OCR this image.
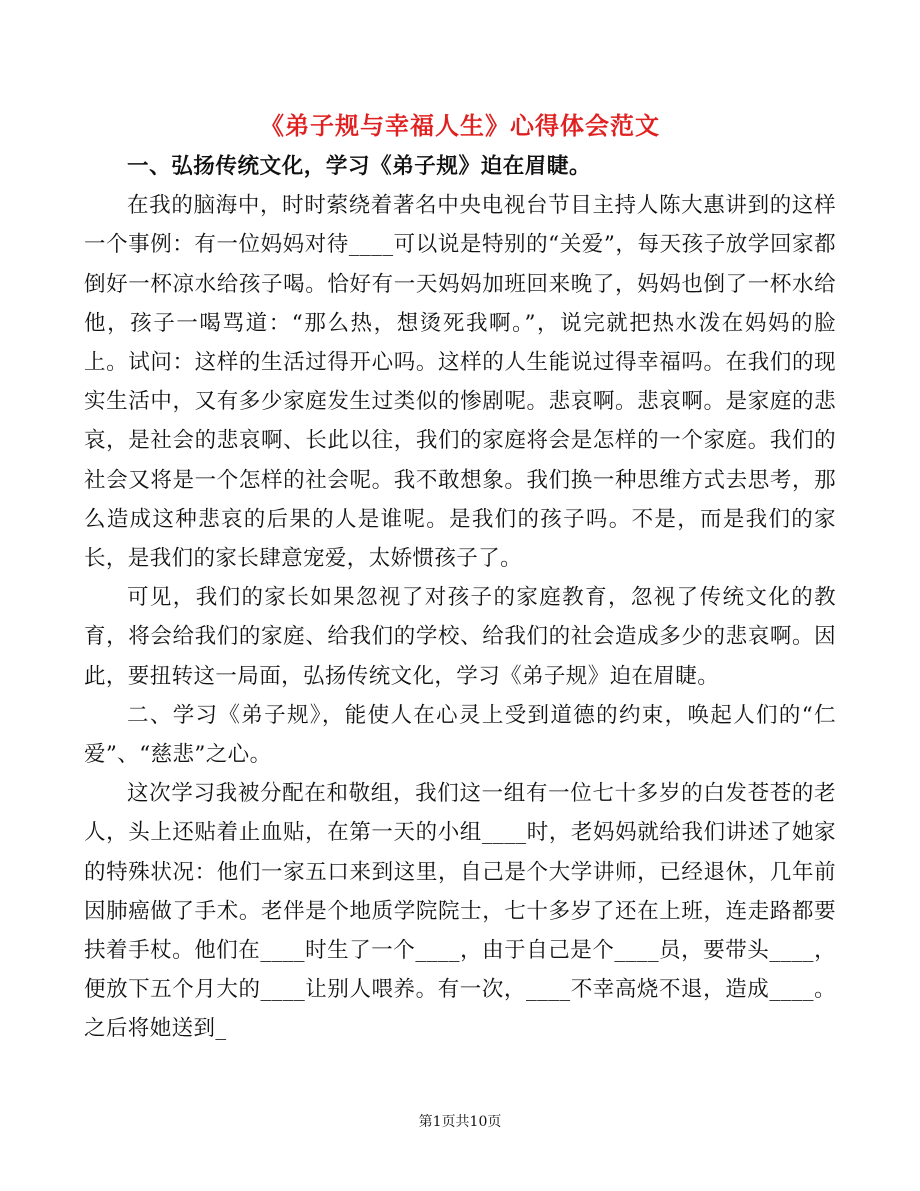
《弟子规与幸福人生》心得体会范文

一、弘扬传统文化，学习《弟子规》迫在眉睫。

在我的脑海中，时时萦绕着著名中央电视台节目主持人陈大惠讲到的这样一个事例：有一位妈妈对待____可以说是特别的“关爱”，每天孩子放学回家都倒好一杯凉水给孩子喝。恰好有一天妈妈加班回来晚了，妈妈也倒了一杯水给他，孩子一喝骂道：“那么热，想烫死我啊。”，说完就把热水泼在妈妈的脸上。试问：这样的生活过得开心吗。这样的人生能说过得幸福吗。在我们的现实生活中，又有多少家庭发生过类似的惨剧呢。悲哀啊。悲哀啊。是家庭的悲哀，是社会的悲哀啊、长此以往，我们的家庭将会是怎样的一个家庭。我们的社会又将是一个怎样的社会呢。我不敢想象。我们换一种思维方式去思考，那么造成这种悲哀的后果的人是谁呢。是我们的孩子吗。不是，而是我们的家长，是我们的家长肆意宠爱，太娇惯孩子了。

可见，我们的家长如果忽视了对孩子的家庭教育，忽视了传统文化的教育，将会给我们的家庭、给我们的学校、给我们的社会造成多少的悲哀啊。因此，要扭转这一局面，弘扬传统文化，学习《弟子规》迫在眉睫。

二、学习《弟子规》，能使人在心灵上受到道德的约束，唤起人们的“仁爱”、“慈悲”之心。

这次学习我被分配在和敬组，我们这一组有一位七十多岁的白发苍苍的老人，头上还贴着止血贴，在第一天的小组____时，老妈妈就给我们讲述了她家的特殊状况：他们一家五口来到这里，自己是个大学讲师，已经退休，几年前因肺癌做了手术。老伴是个地质学院院士，七十多岁了还在上班，连走路都要扶着手杖。他们在____时生了一个____，由于自己是个____员，要带头____，便放下五个月大的____让别人喂养。有一次，____不幸高烧不退，造成____。之后将她送到_

第1页共10页
